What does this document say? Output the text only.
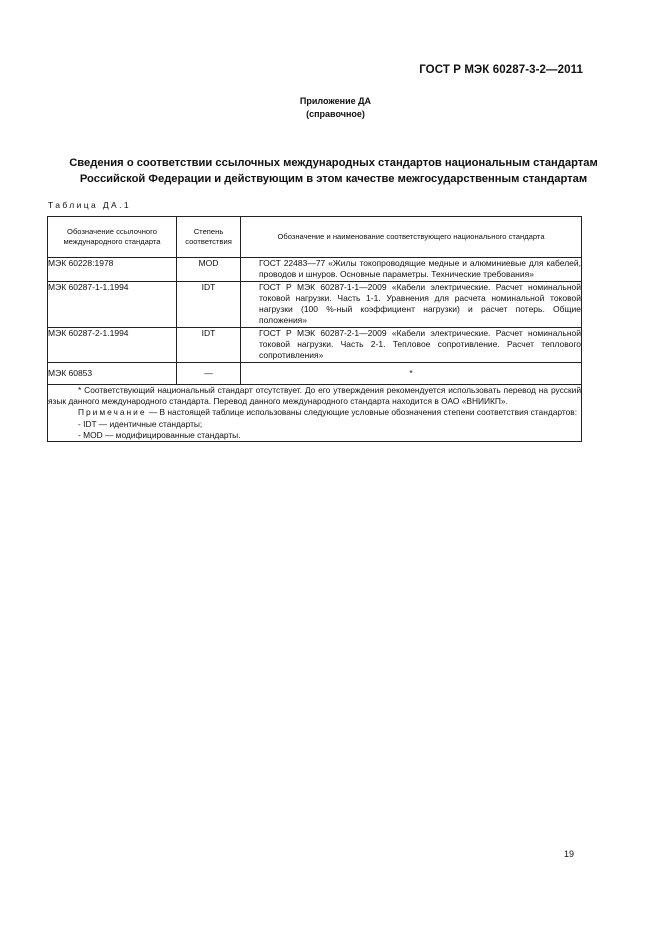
ГОСТ Р МЭК 60287-3-2—2011
Приложение ДА
(справочное)
Сведения о соответствии ссылочных международных стандартов национальным стандартам
Российской Федерации и действующим в этом качестве межгосударственным стандартам
Таблица ДА.1
Обозначение ссылочного международного стандарта	Степень соответствия	Обозначение и наименование соответствующего национального стандарта
МЭК 60228:1978	MOD	ГОСТ 22483—77 «Жилы токопроводящие медные и алюминиевые для кабелей, проводов и шнуров. Основные параметры. Технические требования»

МЭК 60287-1-1.1994	IDT	ГОСТ Р МЭК 60287-1-1—2009 «Кабели электрические. Расчет номинальной токовой нагрузки. Часть 1-1. Уравнения для расчета номинальной токовой нагрузки (100 %-ный коэффициент нагрузки) и расчет потерь. Общие положения»

МЭК 60287-2-1.1994	IDT	ГОСТ Р МЭК 60287-2-1—2009 «Кабели электрические. Расчет номинальной токовой нагрузки. Часть 2-1. Тепловое сопротивление. Расчет теплового сопротивления»

МЭК 60853	—	*

* Соответствующий национальный стандарт отсутствует. До его утверждения рекомендуется использовать перевод на русский язык данного международного стандарта. Перевод данного международного стандарта находится в ОАО «ВНИИКП».
Примечание — В настоящей таблице использованы следующие условные обозначения степени соответствия стандартов:
- IDT — идентичные стандарты;
- MOD — модифицированные стандарты.		
19
